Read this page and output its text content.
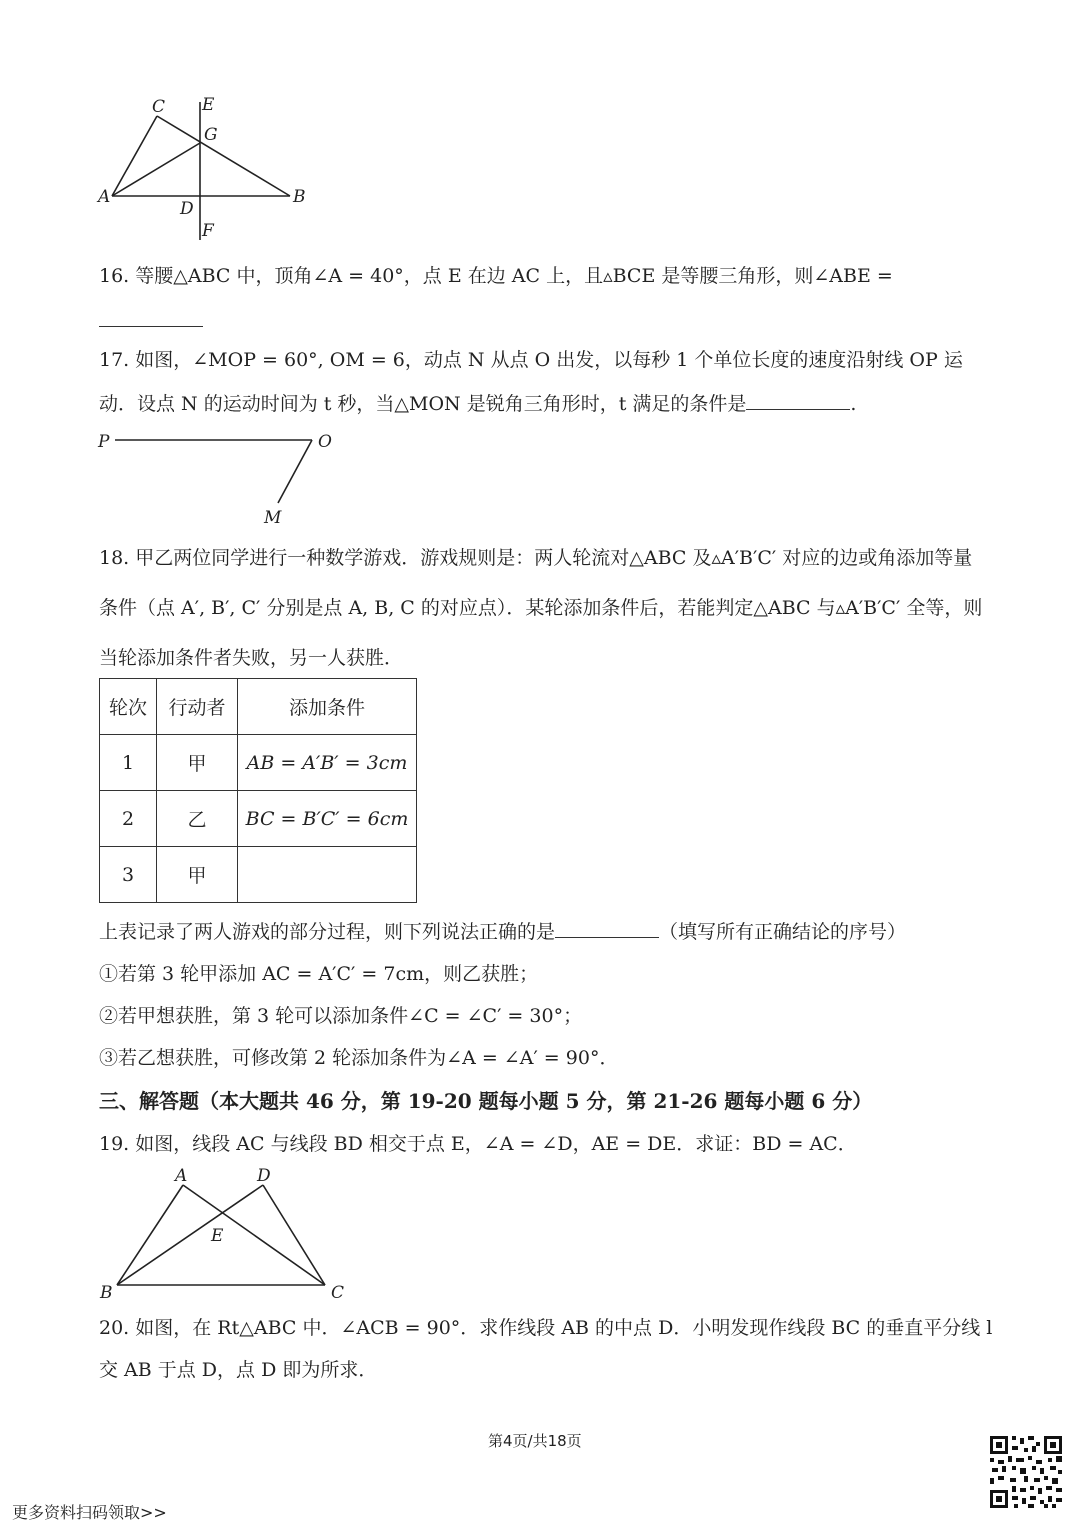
C E
G
A
D
B
F
16. 等腰△ABC 中，顶角∠A = 40°，点 E 在边 AC 上，且▵BCE 是等腰三角形，则∠ABE =
17. 如图，∠MOP = 60°, OM = 6，动点 N 从点 O 出发，以每秒 1 个单位长度的速度沿射线 OP 运
动．设点 N 的运动时间为 t 秒，当△MON 是锐角三角形时，t 满足的条件是	.
P	O
M
18. 甲乙两位同学进行一种数学游戏．游戏规则是：两人轮流对△ABC 及▵A′B′C′ 对应的边或角添加等量
条件（点 A′, B′, C′ 分别是点 A, B, C 的对应点）．某轮添加条件后，若能判定△ABC 与▵A′B′C′ 全等，则
当轮添加条件者失败，另一人获胜．
轮次	行动者	添加条件
1	甲	AB = A′B′ = 3cm
2	乙	BC = B′C′ = 6cm
3	甲	
上表记录了两人游戏的部分过程，则下列说法正确的是	（填写所有正确结论的序号）
①若第 3 轮甲添加 AC = A′C′ = 7cm，则乙获胜；
②若甲想获胜，第 3 轮可以添加条件∠C = ∠C′ = 30°；
③若乙想获胜，可修改第 2 轮添加条件为∠A = ∠A′ = 90°．
三、解答题（本大题共 46 分，第 19-20 题每小题 5 分，第 21-26 题每小题 6 分）
19. 如图，线段 AC 与线段 BD 相交于点 E，∠A = ∠D，AE = DE．求证：BD = AC．
A	D
E
B	C
20. 如图，在 Rt△ABC 中．∠ACB = 90°．求作线段 AB 的中点 D．小明发现作线段 BC 的垂直平分线 l
交 AB 于点 D，点 D 即为所求．
第4页/共18页
更多资料扫码领取>>
